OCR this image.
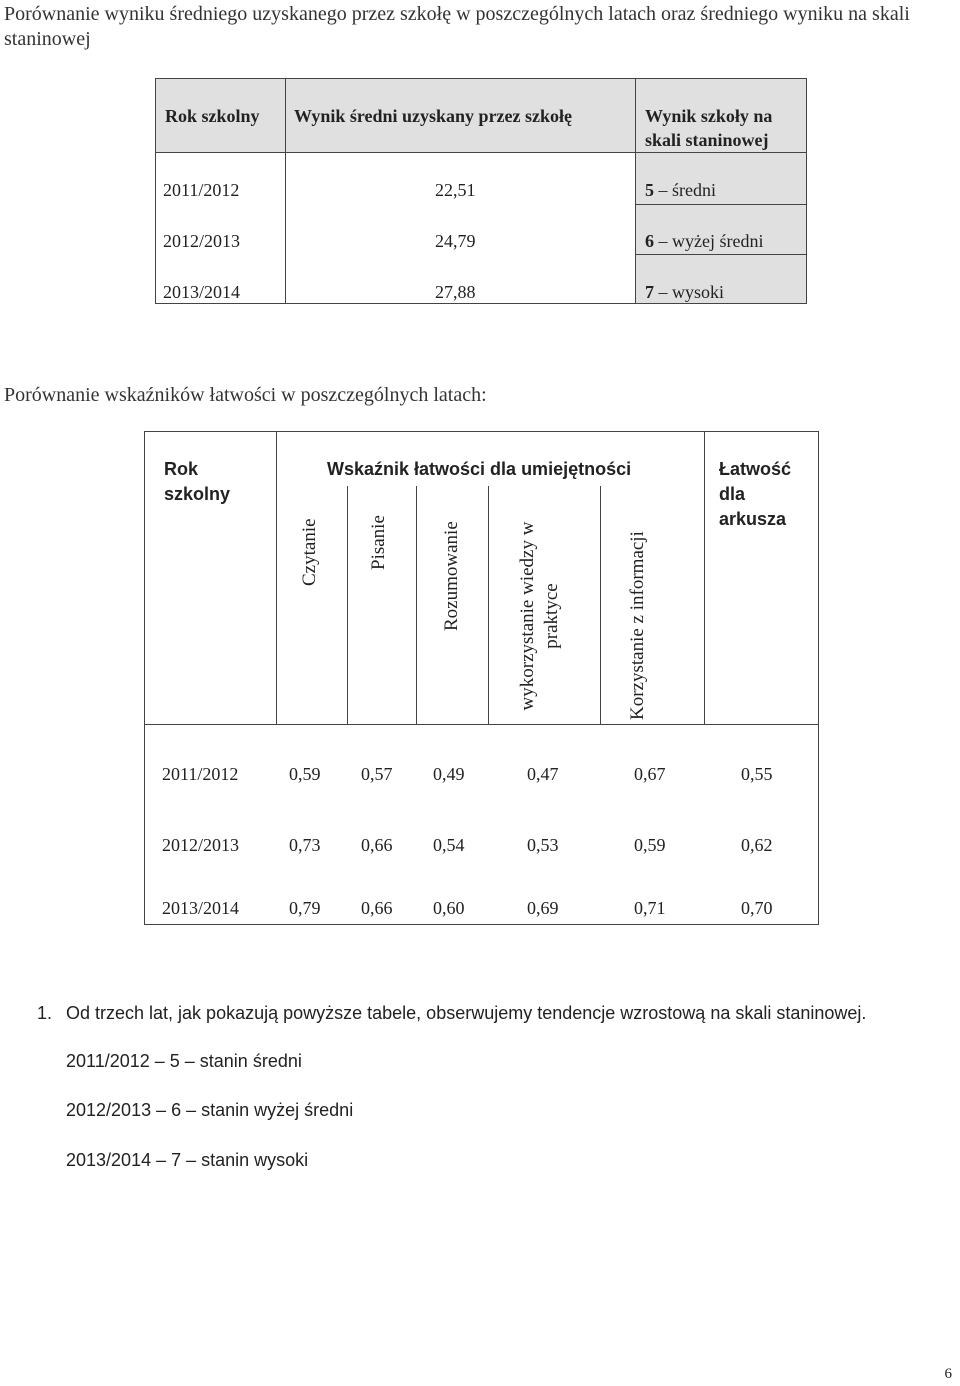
Porównanie wyniku średniego uzyskanego przez szkołę w poszczególnych latach oraz średniego wyniku na skali staninowej
Rok szkolny Wynik średni uzyskany przez szkołę	Wynik szkoły na
skali staninowej
2011/2012	22,51	5 – średni
2012/2013	24,79	6 – wyżej średni
2013/2014	27,88	7 – wysoki
Porównanie wskaźników łatwości w poszczególnych latach:
Rok
szkolny
Wskaźnik łatwości dla umiejętności	Łatwość
dla
arkusza
Czytanie	Pisanie	Rozumowanie	wykorzystanie wiedzy w praktyce	Korzystanie z informacji
2011/2012	0,59 0,57 0,49	0,47	0,67	0,55
2012/2013	0,73 0,66 0,54	0,53	0,59	0,62
2013/2014	0,79 0,66 0,60	0,69	0,71	0,70
1. Od trzech lat, jak pokazują powyższe tabele, obserwujemy tendencje wzrostową na skali staninowej.
2011/2012 – 5 – stanin średni
2012/2013 – 6 – stanin wyżej średni
2013/2014 – 7 – stanin wysoki
6
